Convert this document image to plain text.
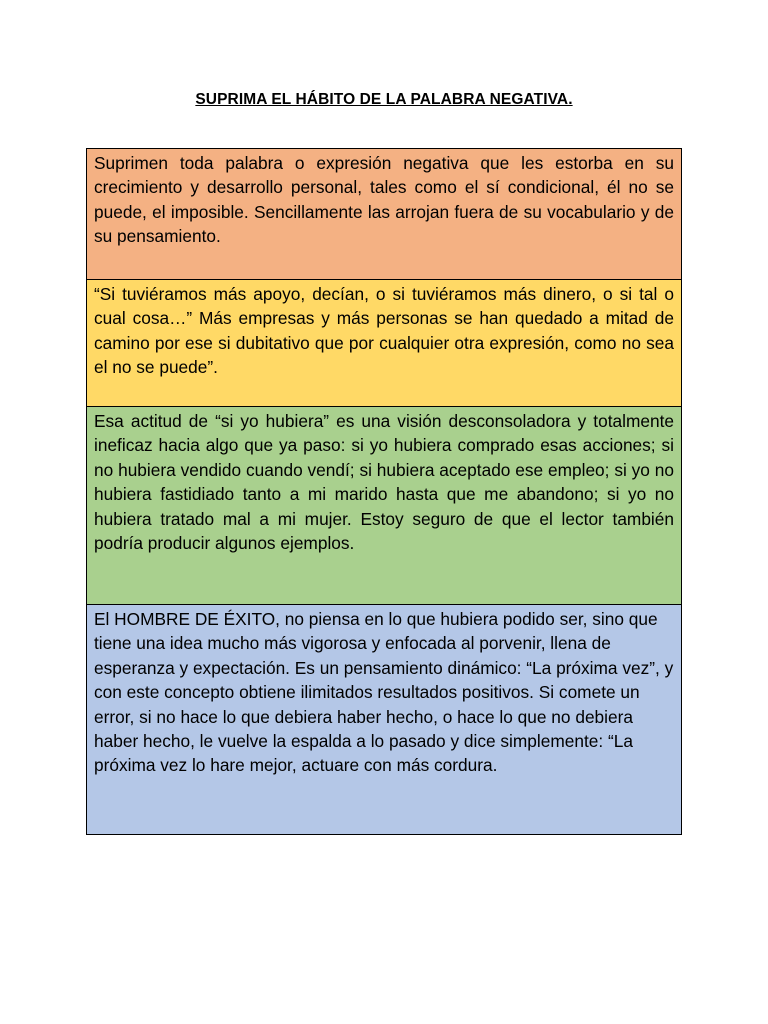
SUPRIMA EL HÁBITO DE LA PALABRA NEGATIVA.
Suprimen toda palabra o expresión negativa que les estorba en su crecimiento y desarrollo personal, tales como el sí condicional, él no se puede, el imposible. Sencillamente las arrojan fuera de su vocabulario y de su pensamiento.
“Si tuviéramos más apoyo, decían, o si tuviéramos más dinero, o si tal o cual cosa…” Más empresas y más personas se han quedado a mitad de camino por ese si dubitativo que por cualquier otra expresión, como no sea el no se puede”.
Esa actitud de “si yo hubiera” es una visión desconsoladora y totalmente ineficaz hacia algo que ya paso: si yo hubiera comprado esas acciones; si no hubiera vendido cuando vendí; si hubiera aceptado ese empleo; si yo no hubiera fastidiado tanto a mi marido hasta que me abandono; si yo no hubiera tratado mal a mi mujer. Estoy seguro de que el lector también podría producir algunos ejemplos.
El HOMBRE DE ÉXITO, no piensa en lo que hubiera podido ser, sino que tiene una idea mucho más vigorosa y enfocada al porvenir, llena de esperanza y expectación. Es un pensamiento dinámico: “La próxima vez”, y con este concepto obtiene ilimitados resultados positivos. Si comete un error, si no hace lo que debiera haber hecho, o hace lo que no debiera haber hecho, le vuelve la espalda a lo pasado y dice simplemente: “La próxima vez lo hare mejor, actuare con más cordura.
